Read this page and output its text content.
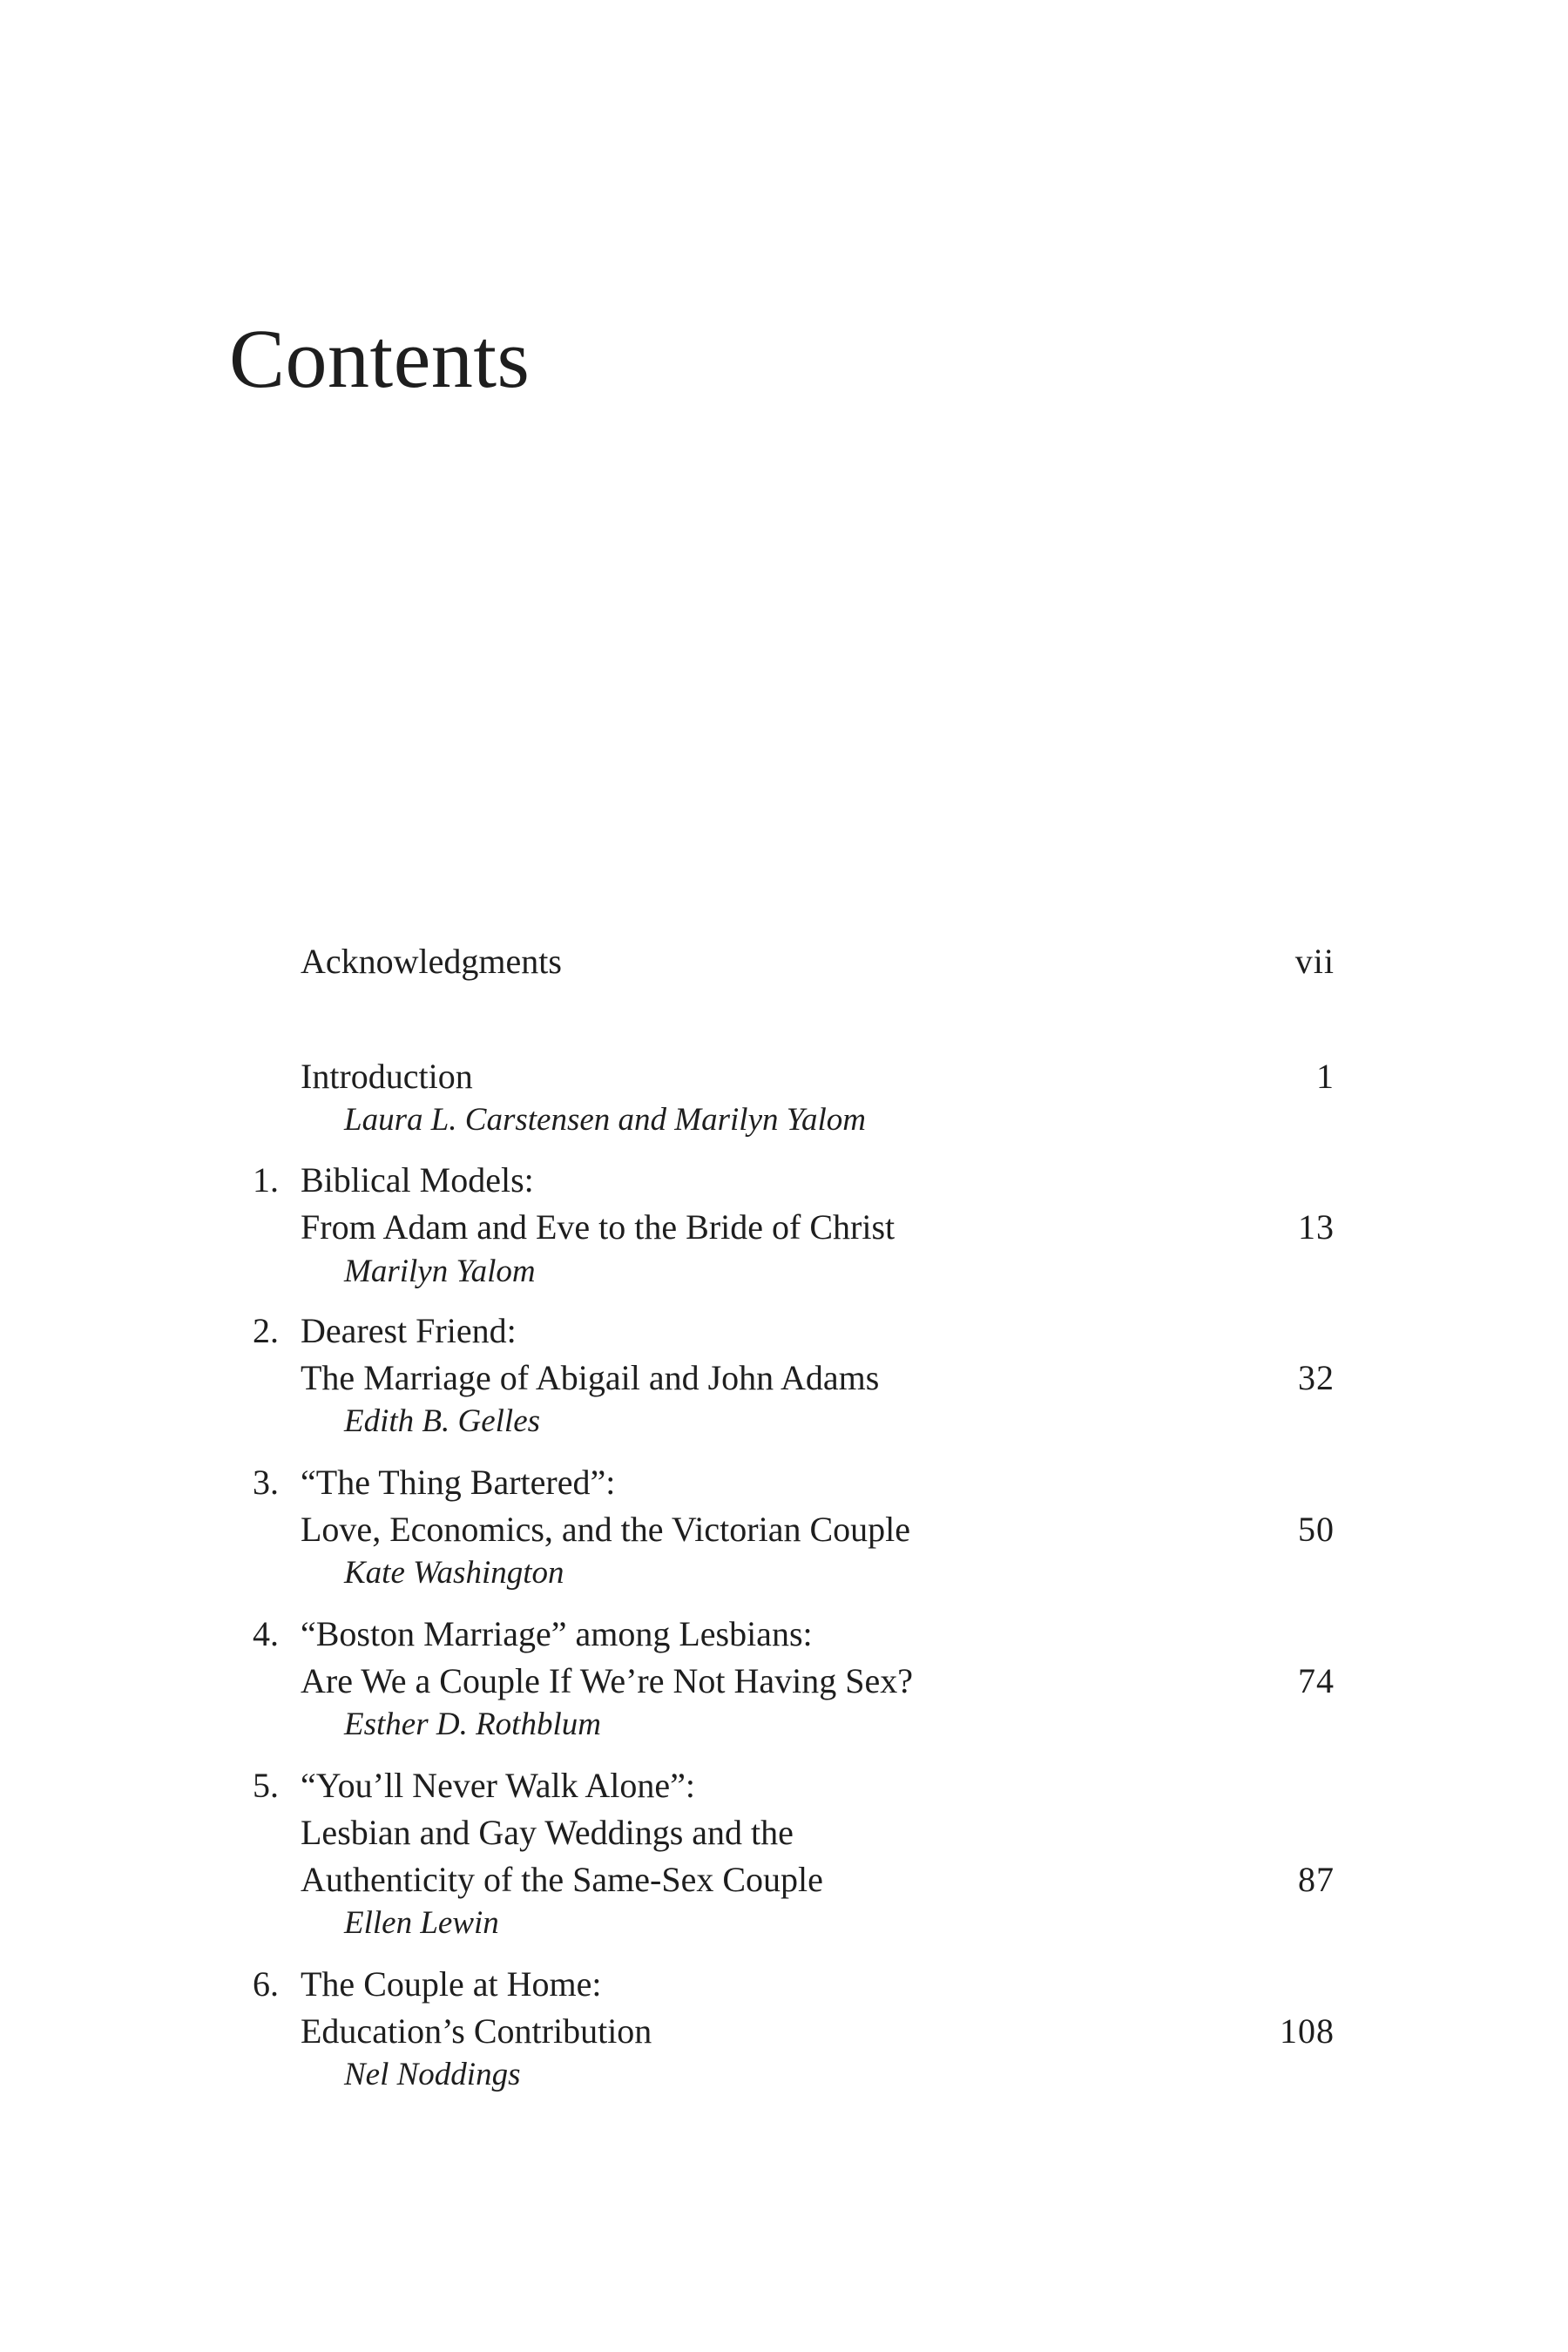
Contents
Acknowledgments	vii
Introduction	1
Laura L. Carstensen and Marilyn Yalom
1. Biblical Models:
From Adam and Eve to the Bride of Christ	13
Marilyn Yalom
2. Dearest Friend:
The Marriage of Abigail and John Adams	32
Edith B. Gelles
3. “The Thing Bartered”:
Love, Economics, and the Victorian Couple	50
Kate Washington
4. “Boston Marriage” among Lesbians:
Are We a Couple If We’re Not Having Sex?	74
Esther D. Rothblum
5. “You’ll Never Walk Alone”:
Lesbian and Gay Weddings and the
Authenticity of the Same-Sex Couple	87
Ellen Lewin
6. The Couple at Home:
Education’s Contribution	108
Nel Noddings
